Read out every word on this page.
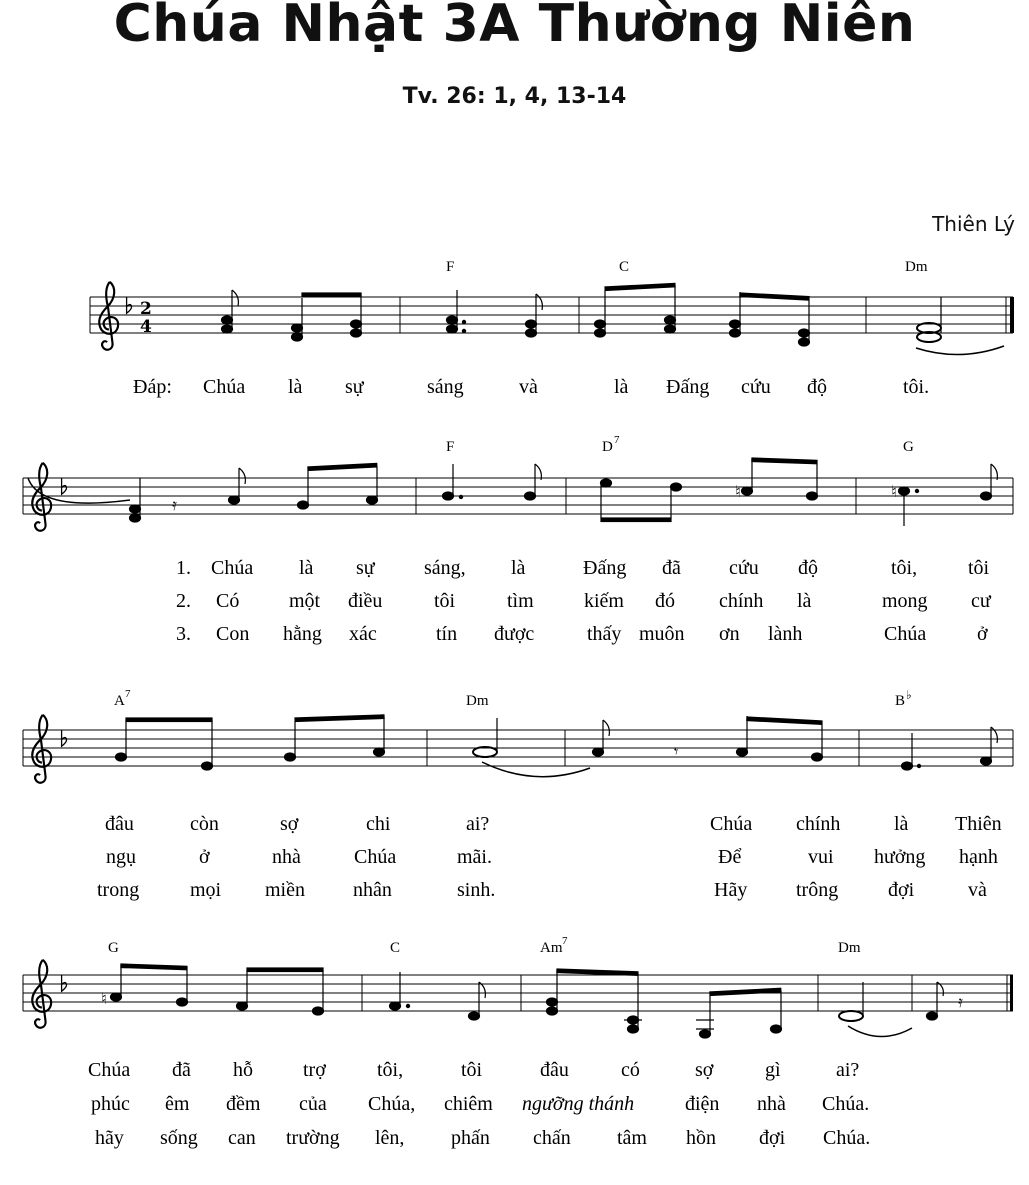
Chúa Nhật 3A Thường Niên
Tv. 26: 1, 4, 13-14
Thiên Lý
2
4
F	C	Dm
Đáp: Chúa là sự	sáng	và	là Đấng cứu độ	tôi.
𝄿
♮	♮
F	D 7	G
1. Chúa là sự sáng, là	Đấng đã cứu độ	tôi,	tôi
2. Có một điều	tôi	tìm	kiếm đó chính là	mong cư
3. Con hằng xác	tín được	thấy muôn ơn lành	Chúa	ở
𝄾
A 7	Dm	B ♭
đâu	còn	sợ	chi	ai?	Chúa chính	là Thiên
ngụ	ở	nhà	Chúa	mãi.	Để	vui hưởng hạnh
trong	mọi miền nhân	sinh.	Hãy trông đợi	và
♮	𝄿
G	C	Am 7	Dm
Chúa đã hỗ	trợ	tôi,	tôi	đâu	có	sợ	gì	ai?
phúc êm đềm của Chúa, chiêm ngưỡng thánh	điện nhà Chúa.
hãy sống can trường lên, phấn chấn tâm hồn đợi Chúa.
